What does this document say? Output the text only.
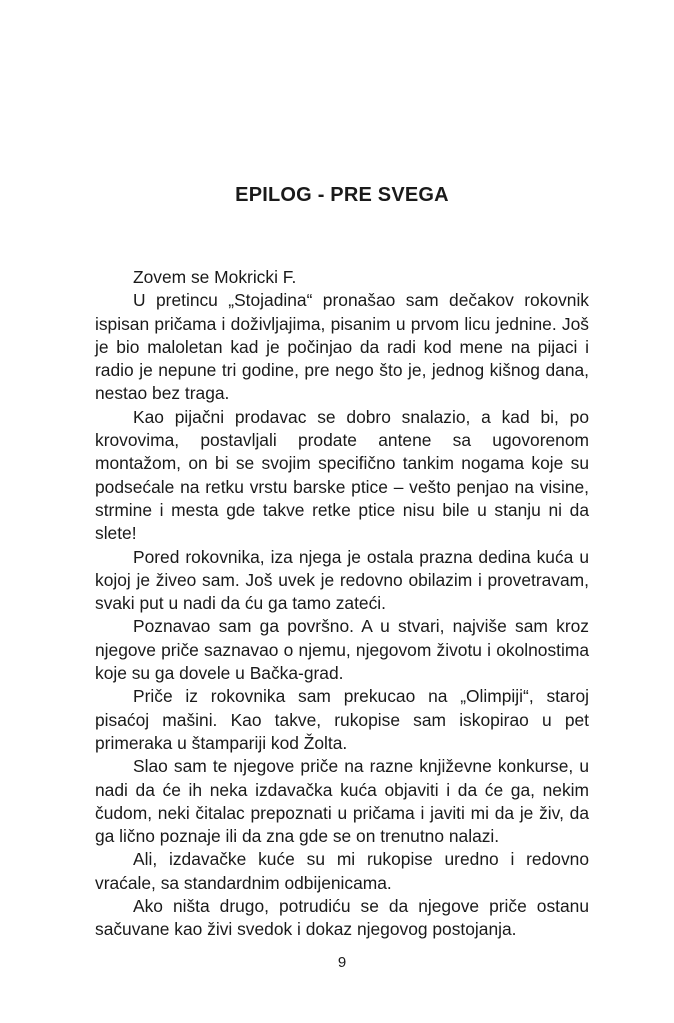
EPILOG - PRE SVEGA

Zovem se Mokricki F.

U pretincu „Stojadina“ pronašao sam dečakov rokovnik ispisan pričama i doživljajima, pisanim u prvom licu jednine. Još je bio maloletan kad je počinjao da radi kod mene na pijaci i radio je nepune tri godine, pre nego što je, jednog kišnog dana, nestao bez traga.

Kao pijačni prodavac se dobro snalazio, a kad bi, po krovovima, postavljali prodate antene sa ugovorenom montažom, on bi se svojim specifično tankim nogama koje su podsećale na retku vrstu barske ptice – vešto penjao na visine, strmine i mesta gde takve retke ptice nisu bile u stanju ni da slete!

Pored rokovnika, iza njega je ostala prazna dedina kuća u kojoj je živeo sam. Još uvek je redovno obilazim i provetravam, svaki put u nadi da ću ga tamo zateći.

Poznavao sam ga površno. A u stvari, najviše sam kroz njegove priče saznavao o njemu, njegovom životu i okolnostima koje su ga dovele u Bačka-grad.

Priče iz rokovnika sam prekucao na „Olimpiji“, staroj pisaćoj mašini. Kao takve, rukopise sam iskopirao u pet primeraka u štampariji kod Žolta.

Slao sam te njegove priče na razne književne konkurse, u nadi da će ih neka izdavačka kuća objaviti i da će ga, nekim čudom, neki čitalac prepoznati u pričama i javiti mi da je živ, da ga lično poznaje ili da zna gde se on trenutno nalazi.

Ali, izdavačke kuće su mi rukopise uredno i redovno vraćale, sa standardnim odbijenicama.

Ako ništa drugo, potrudiću se da njegove priče ostanu sačuvane kao živi svedok i dokaz njegovog postojanja.

9
